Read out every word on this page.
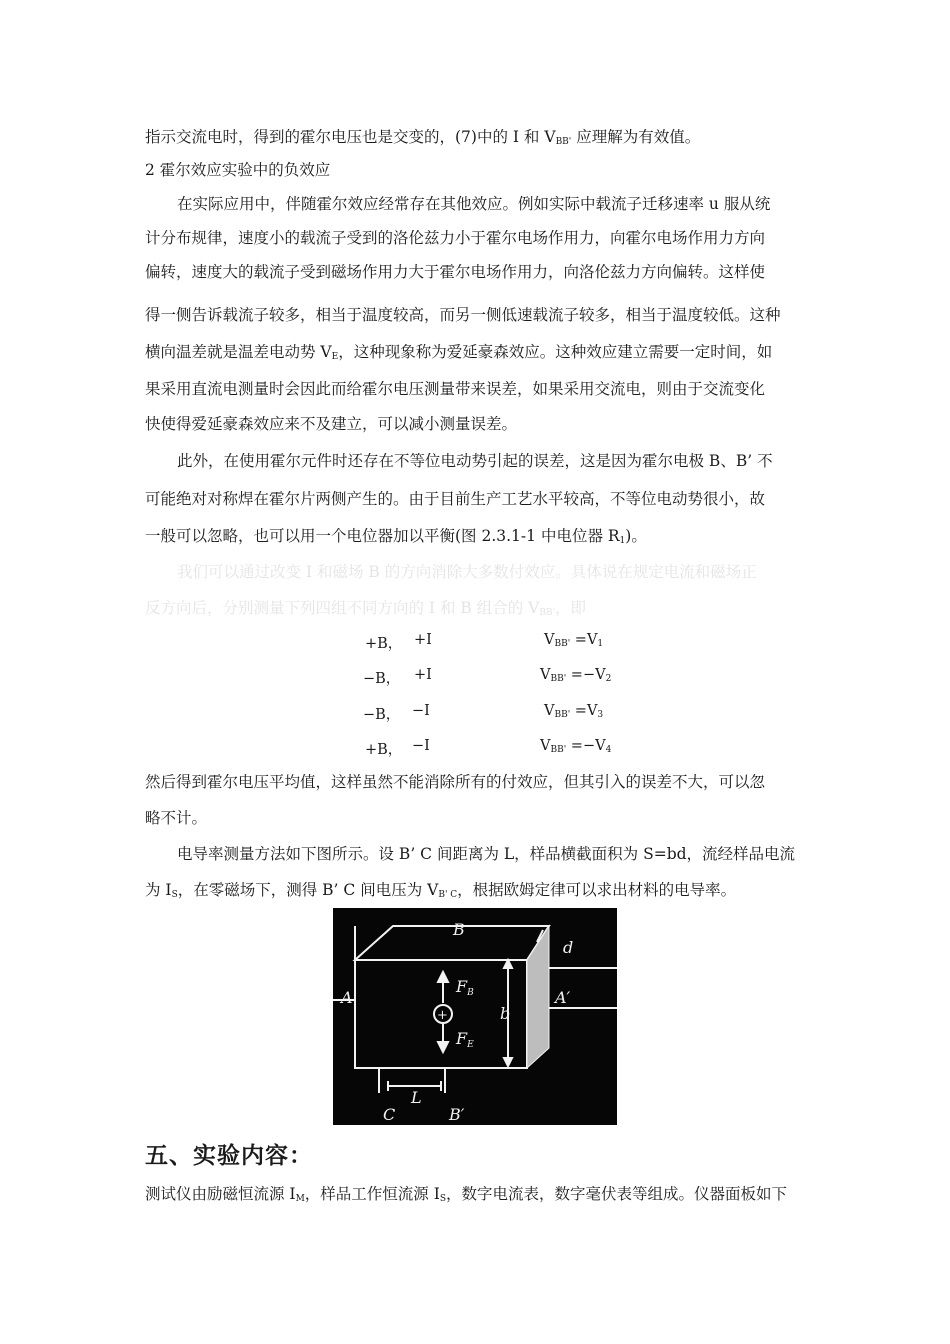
指示交流电时，得到的霍尔电压也是交变的，(7)中的 I 和 $V_{BB'}$ 应理解为有效值。
2 霍尔效应实验中的负效应
在实际应用中，伴随霍尔效应经常存在其他效应。例如实际中载流子迁移速率 u 服从统
计分布规律，速度小的载流子受到的洛伦兹力小于霍尔电场作用力，向霍尔电场作用力方向
偏转，速度大的载流子受到磁场作用力大于霍尔电场作用力，向洛伦兹力方向偏转。这样使
得一侧告诉载流子较多，相当于温度较高，而另一侧低速载流子较多，相当于温度较低。这种
横向温差就是温差电动势 $V_E$，这种现象称为爱延豪森效应。这种效应建立需要一定时间，如
果采用直流电测量时会因此而给霍尔电压测量带来误差，如果采用交流电，则由于交流变化
快使得爱延豪森效应来不及建立，可以减小测量误差。
此外，在使用霍尔元件时还存在不等位电动势引起的误差，这是因为霍尔电极 B、B’ 不
可能绝对对称焊在霍尔片两侧产生的。由于目前生产工艺水平较高，不等位电动势很小，故
一般可以忽略，也可以用一个电位器加以平衡(图 2.3.1-1 中电位器 $R_1$)。
我们可以通过改变 I 和磁场 B 的方向消除大多数付效应。具体说在规定电流和磁场正
反方向后，分别测量下列四组不同方向的 I 和 B 组合的 $V_{BB'}$，即
+B， +I	$V_{BB'} =V_1$
−B， +I	$V_{BB'} =-V_2$
−B， −I	$V_{BB'} =V_3$
+B， −I	$V_{BB'} =-V_4$
然后得到霍尔电压平均值，这样虽然不能消除所有的付效应，但其引入的误差不大，可以忽
略不计。
电导率测量方法如下图所示。设 B’ C 间距离为 L，样品横截面积为 S=bd，流经样品电流
为 $I_S$，在零磁场下，测得 B’ C 间电压为 $V_{B' C}$，根据欧姆定律可以求出材料的电导率。
B
d
A	A′
FB
FE
b
+
L
C	B′
五、实验内容：
测试仪由励磁恒流源 $I_M$，样品工作恒流源 $I_S$，数字电流表，数字毫伏表等组成。仪器面板如下
